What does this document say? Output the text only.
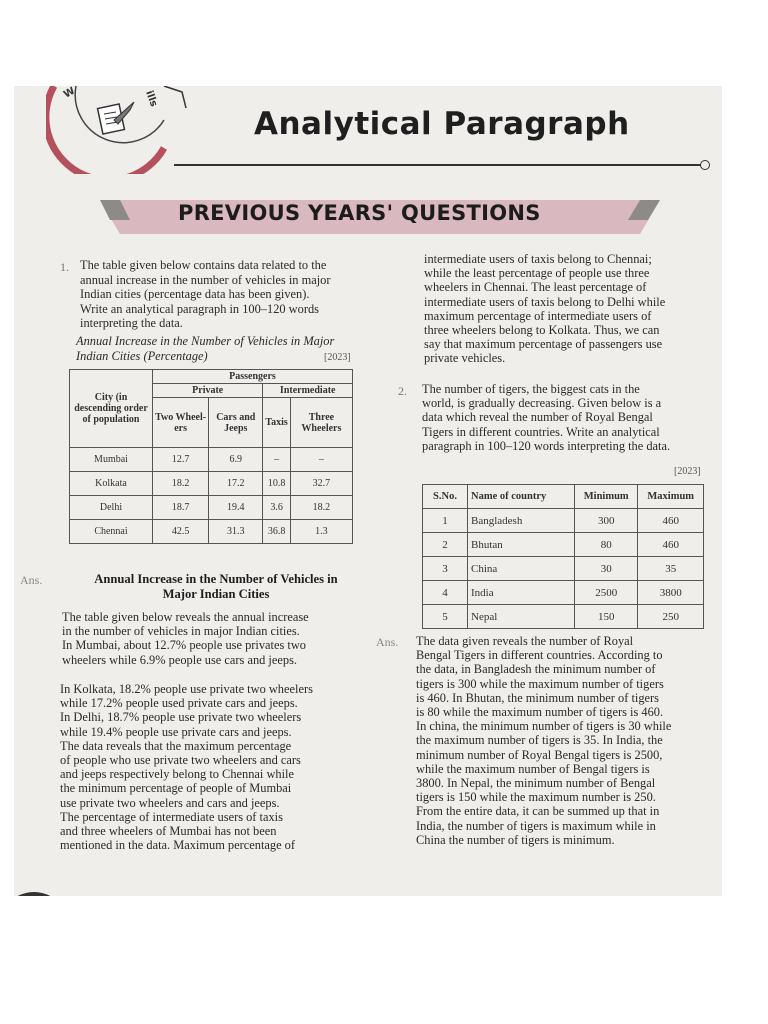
W	ills
Analytical Paragraph
PREVIOUS YEARS' QUESTIONS
1. The table given below contains data related to the
annual increase in the number of vehicles in major
Indian cities (percentage data has been given).
Write an analytical paragraph in 100–120 words
interpreting the data.
Annual Increase in the Number of Vehicles in Major
Indian Cities (Percentage)	[2023]
City (in descending order of population	Passengers			
	Private		Intermediate	
	Two Wheel-ers	Cars and Jeeps	Taxis	Three Wheelers
Mumbai	12.7	6.9	–	–
Kolkata	18.2	17.2	10.8	32.7
Delhi	18.7	19.4	3.6	18.2
Chennai	42.5	31.3	36.8	1.3
Ans.	Annual Increase in the Number of Vehicles in
Major Indian Cities
The table given below reveals the annual increase
in the number of vehicles in major Indian cities.
In Mumbai, about 12.7% people use privates two
wheelers while 6.9% people use cars and jeeps.
In Kolkata, 18.2% people use private two wheelers
while 17.2% people used private cars and jeeps.
In Delhi, 18.7% people use private two wheelers
while 19.4% people use private cars and jeeps.
The data reveals that the maximum percentage
of people who use private two wheelers and cars
and jeeps respectively belong to Chennai while
the minimum percentage of people of Mumbai
use private two wheelers and cars and jeeps.
The percentage of intermediate users of taxis
and three wheelers of Mumbai has not been
mentioned in the data. Maximum percentage of
intermediate users of taxis belong to Chennai;
while the least percentage of people use three
wheelers in Chennai. The least percentage of
intermediate users of taxis belong to Delhi while
maximum percentage of intermediate users of
three wheelers belong to Kolkata. Thus, we can
say that maximum percentage of passengers use
private vehicles.
2. The number of tigers, the biggest cats in the
world, is gradually decreasing. Given below is a
data which reveal the number of Royal Bengal
Tigers in different countries. Write an analytical
paragraph in 100–120 words interpreting the data.
[2023]
S.No.	Name of country	Minimum	Maximum
1	Bangladesh	300	460
2	Bhutan	80	460
3	China	30	35
4	India	2500	3800
5	Nepal	150	250
Ans. The data given reveals the number of Royal
Bengal Tigers in different countries. According to
the data, in Bangladesh the minimum number of
tigers is 300 while the maximum number of tigers
is 460. In Bhutan, the minimum number of tigers
is 80 while the maximum number of tigers is 460.
In china, the minimum number of tigers is 30 while
the maximum number of tigers is 35. In India, the
minimum number of Royal Bengal tigers is 2500,
while the maximum number of Bengal tigers is
3800. In Nepal, the minimum number of Bengal
tigers is 150 while the maximum number is 250.
From the entire data, it can be summed up that in
India, the number of tigers is maximum while in
China the number of tigers is minimum.
